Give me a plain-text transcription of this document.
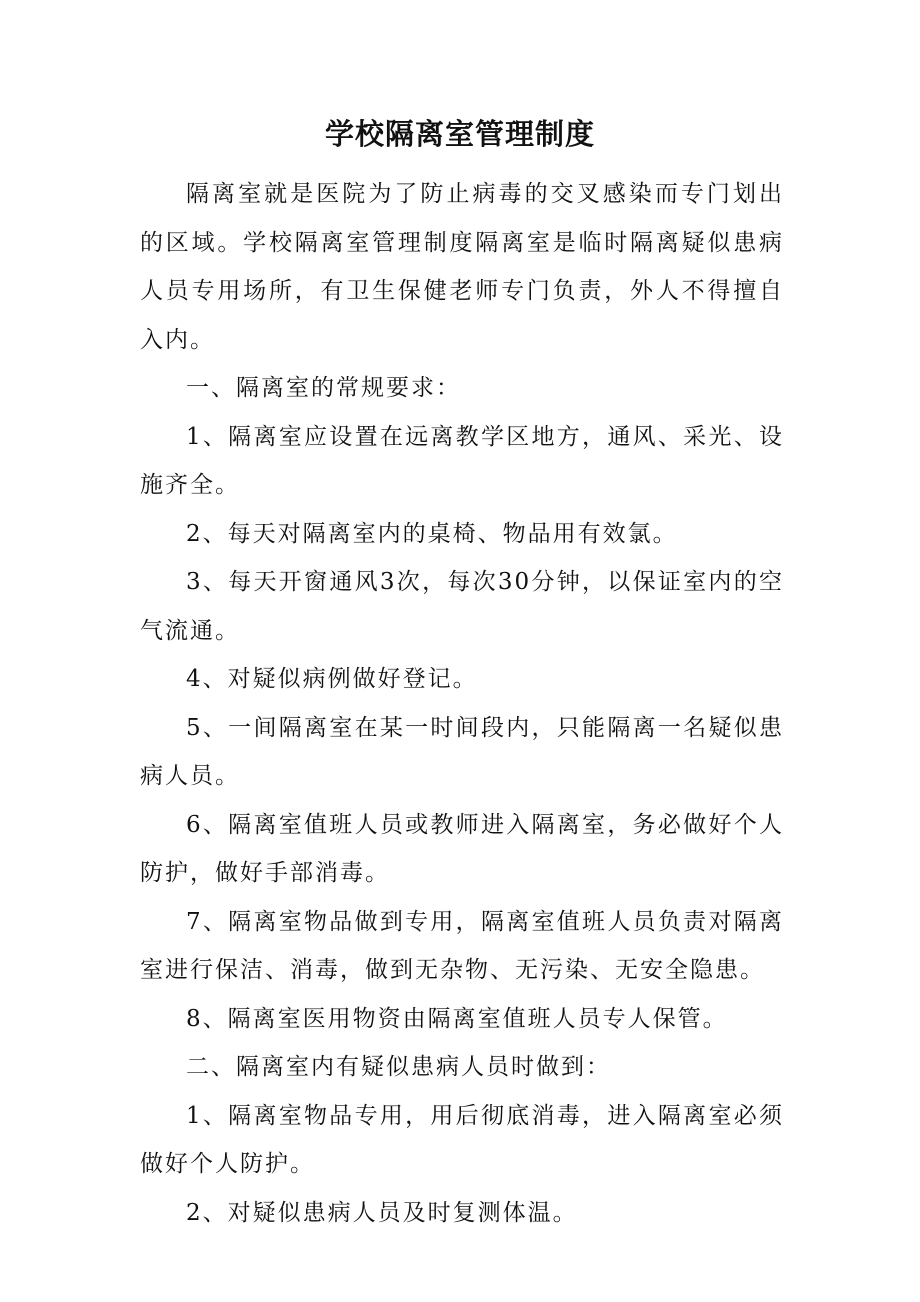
学校隔离室管理制度

隔离室就是医院为了防止病毒的交叉感染而专门划出的区域。学校隔离室管理制度隔离室是临时隔离疑似患病人员专用场所，有卫生保健老师专门负责，外人不得擅自入内。

一、隔离室的常规要求：

1、隔离室应设置在远离教学区地方，通风、采光、设施齐全。

2、每天对隔离室内的桌椅、物品用有效氯。

3、每天开窗通风3次，每次30分钟，以保证室内的空气流通。

4、对疑似病例做好登记。

5、一间隔离室在某一时间段内，只能隔离一名疑似患病人员。

6、隔离室值班人员或教师进入隔离室，务必做好个人防护，做好手部消毒。

7、隔离室物品做到专用，隔离室值班人员负责对隔离室进行保洁、消毒，做到无杂物、无污染、无安全隐患。

8、隔离室医用物资由隔离室值班人员专人保管。

二、隔离室内有疑似患病人员时做到：

1、隔离室物品专用，用后彻底消毒，进入隔离室必须做好个人防护。

2、对疑似患病人员及时复测体温。
